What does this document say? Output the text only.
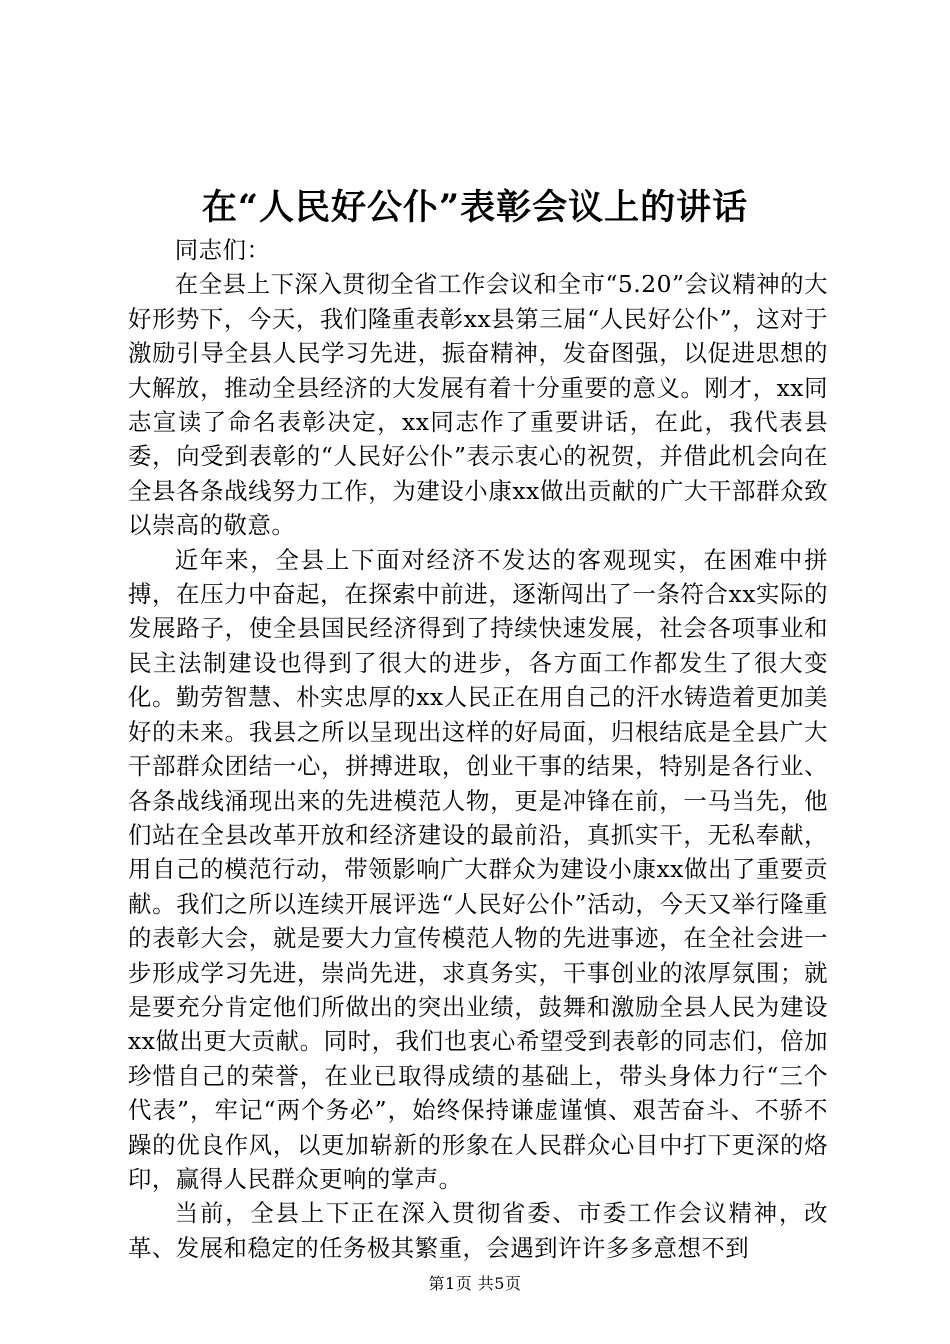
在“人民好公仆”表彰会议上的讲话

同志们：

在全县上下深入贯彻全省工作会议和全市“5.20”会议精神的大好形势下，今天，我们隆重表彰xx县第三届“人民好公仆”，这对于激励引导全县人民学习先进，振奋精神，发奋图强，以促进思想的大解放，推动全县经济的大发展有着十分重要的意义。刚才，xx同志宣读了命名表彰决定，xx同志作了重要讲话，在此，我代表县委，向受到表彰的“人民好公仆”表示衷心的祝贺，并借此机会向在全县各条战线努力工作，为建设小康xx做出贡献的广大干部群众致以崇高的敬意。

近年来，全县上下面对经济不发达的客观现实，在困难中拼搏，在压力中奋起，在探索中前进，逐渐闯出了一条符合xx实际的发展路子，使全县国民经济得到了持续快速发展，社会各项事业和民主法制建设也得到了很大的进步，各方面工作都发生了很大变化。勤劳智慧、朴实忠厚的xx人民正在用自己的汗水铸造着更加美好的未来。我县之所以呈现出这样的好局面，归根结底是全县广大干部群众团结一心，拼搏进取，创业干事的结果，特别是各行业、各条战线涌现出来的先进模范人物，更是冲锋在前，一马当先，他们站在全县改革开放和经济建设的最前沿，真抓实干，无私奉献，用自己的模范行动，带领影响广大群众为建设小康xx做出了重要贡献。我们之所以连续开展评选“人民好公仆”活动，今天又举行隆重的表彰大会，就是要大力宣传模范人物的先进事迹，在全社会进一步形成学习先进，崇尚先进，求真务实，干事创业的浓厚氛围；就是要充分肯定他们所做出的突出业绩，鼓舞和激励全县人民为建设xx做出更大贡献。同时，我们也衷心希望受到表彰的同志们，倍加珍惜自己的荣誉，在业已取得成绩的基础上，带头身体力行“三个代表”，牢记“两个务必”，始终保持谦虚谨慎、艰苦奋斗、不骄不躁的优良作风，以更加崭新的形象在人民群众心目中打下更深的烙印，赢得人民群众更响的掌声。

当前，全县上下正在深入贯彻省委、市委工作会议精神，改革、发展和稳定的任务极其繁重，会遇到许许多多意想不到

第1页 共5页
